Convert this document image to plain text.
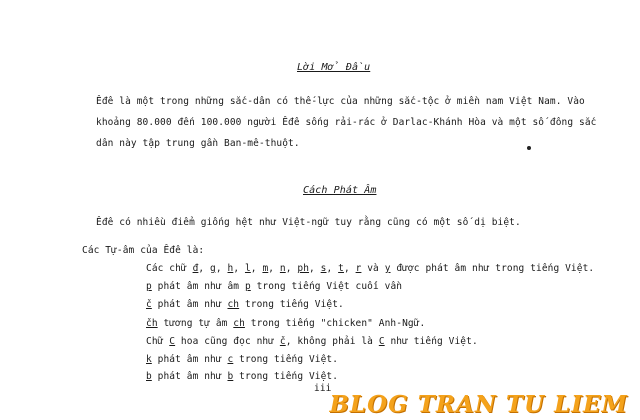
Lời Mở Đầu
Êđê là một trong những sắc-dân có thế-lực của những sắc-tộc ở miền nam Việt Nam. Vào
khoảng 80.000 đến 100.000 người Êđê sống rải-rác ở Darlac-Khánh Hòa và một số đông sắc
dân này tập trung gần Ban-mê-thuột.
Cách Phát Âm
Êđê có nhiều điểm giống hệt như Việt-ngữ tuy rằng cũng có một số dị biệt.
Các Tự-âm của Êđê là:
Các chữ đ, g, h, l, m, n, ph, s, t, r và y được phát âm như trong tiếng Việt.
p phát âm như âm p trong tiếng Việt cuối vần
č phát âm như ch trong tiếng Việt.
čh tương tự âm ch trong tiếng "chicken" Anh-Ngữ.
Chữ C hoa cũng đọc như č, không phải là C như tiếng Việt.
k phát âm như c trong tiếng Việt.
b phát âm như b trong tiếng Việt.
iii
BLOG TRAN TU LIEM
